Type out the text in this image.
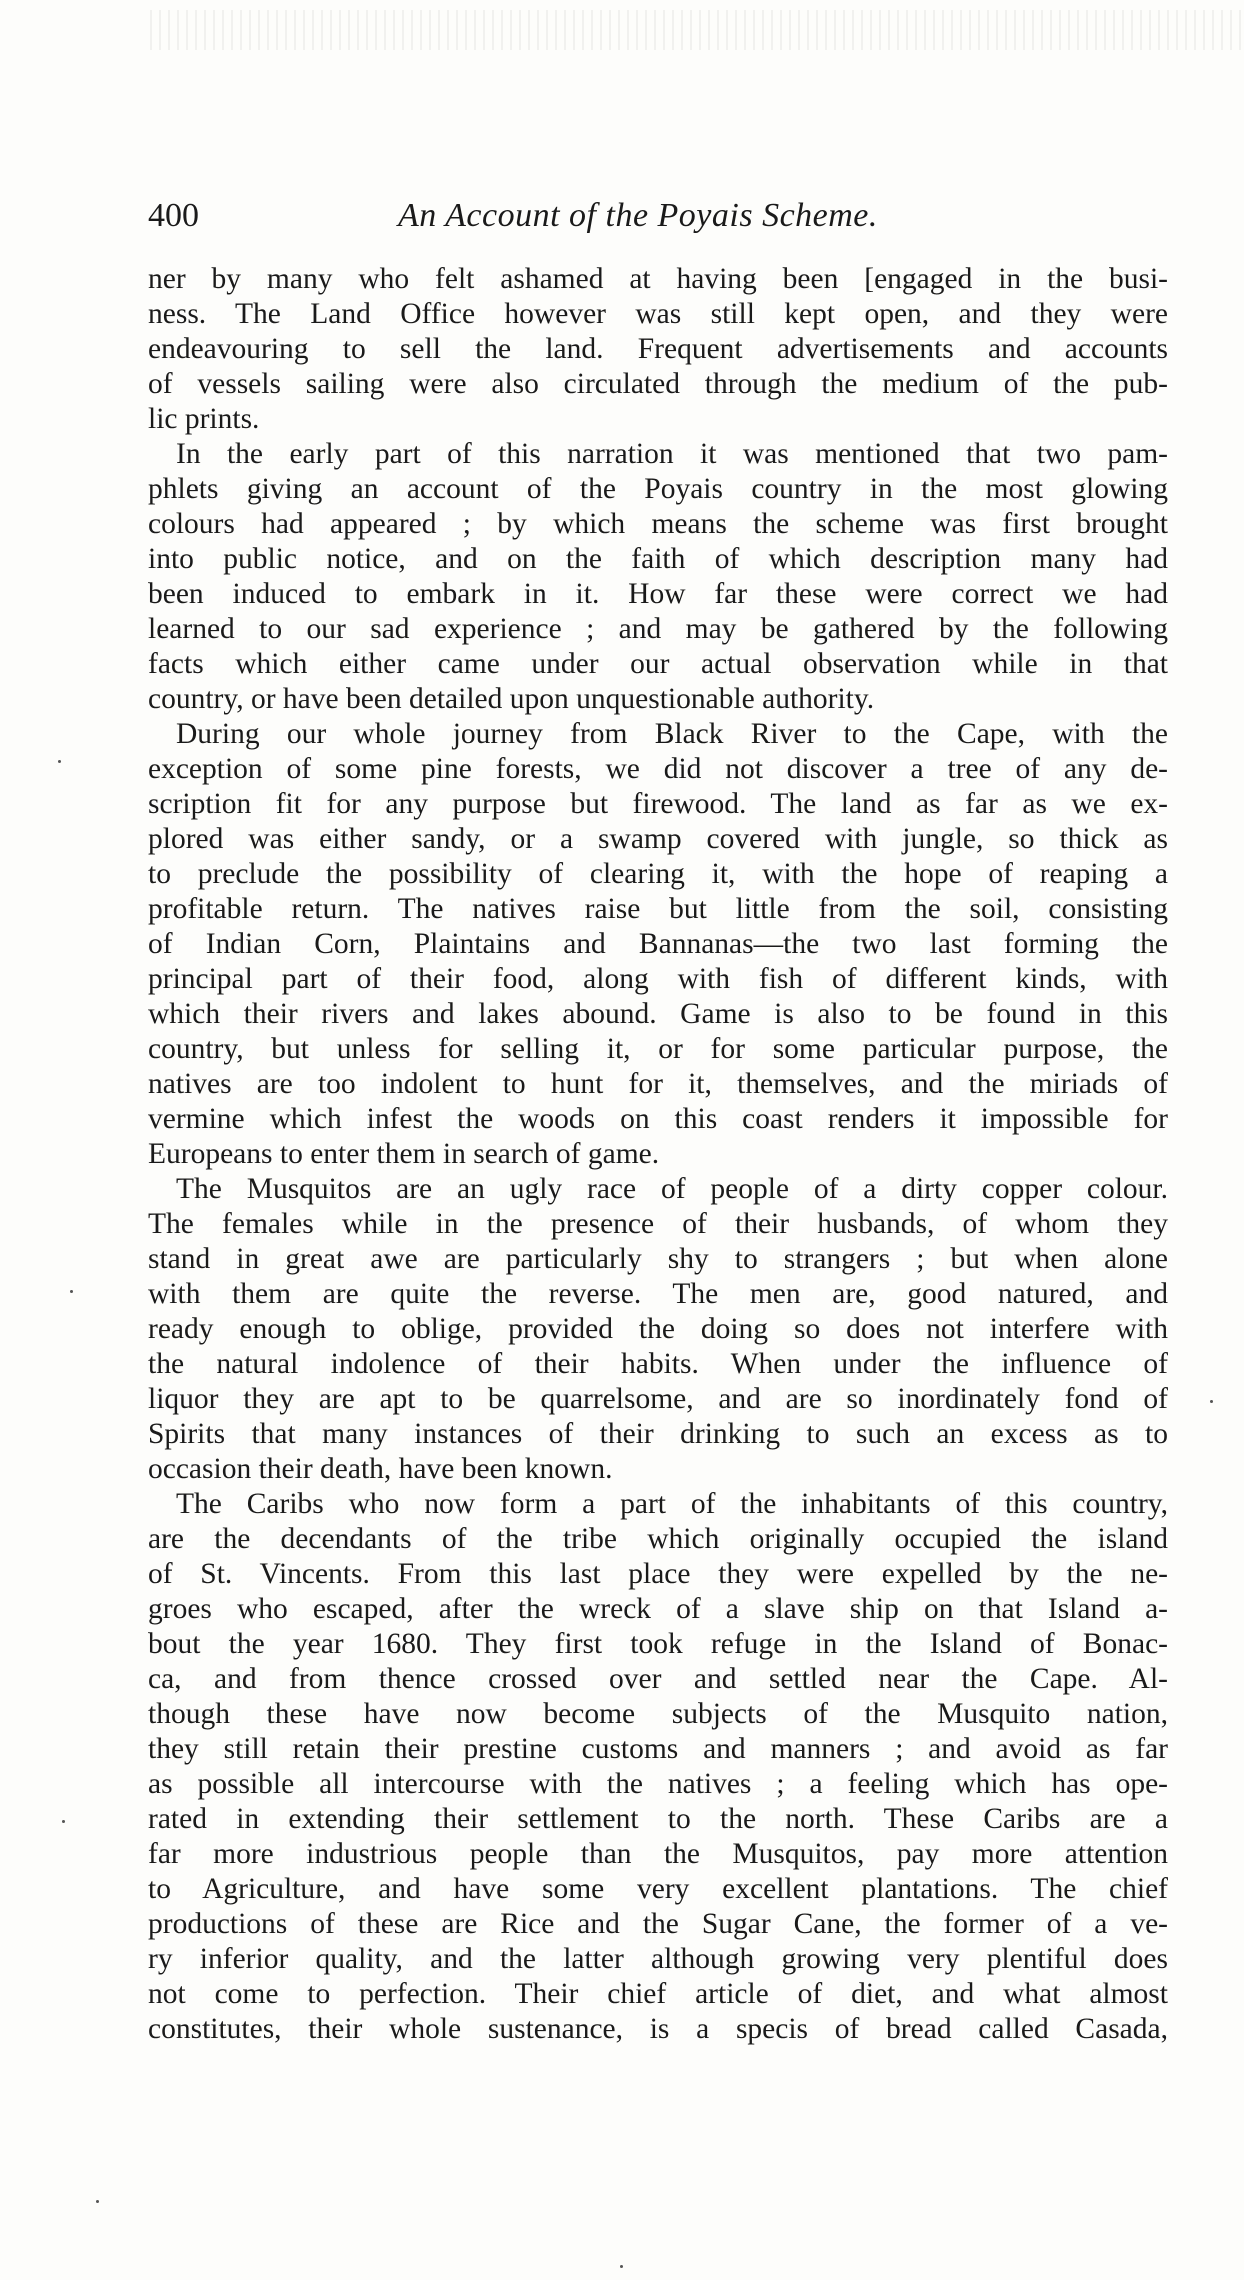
400	An Account of the Poyais Scheme.
ner by many who felt ashamed at having been [engaged in the busi-
ness. The Land Office however was still kept open, and they were
endeavouring to sell the land. Frequent advertisements and accounts
of vessels sailing were also circulated through the medium of the pub-
lic prints.
In the early part of this narration it was mentioned that two pam-
phlets giving an account of the Poyais country in the most glowing
colours had appeared ; by which means the scheme was first brought
into public notice, and on the faith of which description many had
been induced to embark in it. How far these were correct we had
learned to our sad experience ; and may be gathered by the following
facts which either came under our actual observation while in that
country, or have been detailed upon unquestionable authority.
During our whole journey from Black River to the Cape, with the
exception of some pine forests, we did not discover a tree of any de-
scription fit for any purpose but firewood. The land as far as we ex-
plored was either sandy, or a swamp covered with jungle, so thick as
to preclude the possibility of clearing it, with the hope of reaping a
profitable return. The natives raise but little from the soil, consisting
of Indian Corn, Plaintains and Bannanas—the two last forming the
principal part of their food, along with fish of different kinds, with
which their rivers and lakes abound. Game is also to be found in this
country, but unless for selling it, or for some particular purpose, the
natives are too indolent to hunt for it, themselves, and the miriads of
vermine which infest the woods on this coast renders it impossible for
Europeans to enter them in search of game.
The Musquitos are an ugly race of people of a dirty copper colour.
The females while in the presence of their husbands, of whom they
stand in great awe are particularly shy to strangers ; but when alone
with them are quite the reverse. The men are, good natured, and
ready enough to oblige, provided the doing so does not interfere with
the natural indolence of their habits. When under the influence of
liquor they are apt to be quarrelsome, and are so inordinately fond of
Spirits that many instances of their drinking to such an excess as to
occasion their death, have been known.
The Caribs who now form a part of the inhabitants of this country,
are the decendants of the tribe which originally occupied the island
of St. Vincents. From this last place they were expelled by the ne-
groes who escaped, after the wreck of a slave ship on that Island a-
bout the year 1680. They first took refuge in the Island of Bonac-
ca, and from thence crossed over and settled near the Cape. Al-
though these have now become subjects of the Musquito nation,
they still retain their prestine customs and manners ; and avoid as far
as possible all intercourse with the natives ; a feeling which has ope-
rated in extending their settlement to the north. These Caribs are a
far more industrious people than the Musquitos, pay more attention
to Agriculture, and have some very excellent plantations. The chief
productions of these are Rice and the Sugar Cane, the former of a ve-
ry inferior quality, and the latter although growing very plentiful does
not come to perfection. Their chief article of diet, and what almost
constitutes, their whole sustenance, is a specis of bread called Casada,
